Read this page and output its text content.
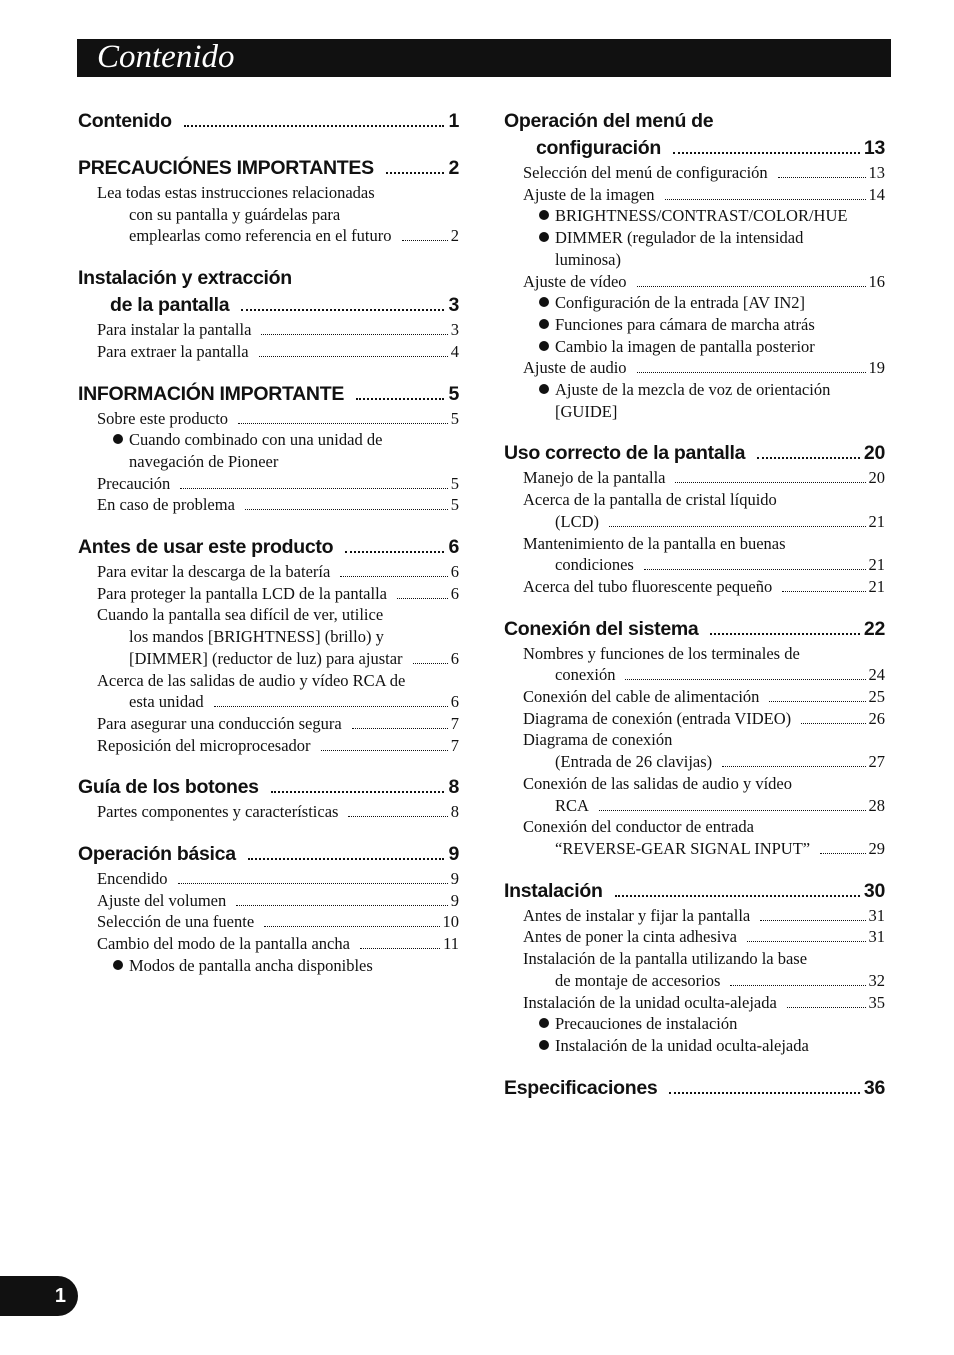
Contenido
Contenido	1
PRECAUCIÓNES IMPORTANTES	2
Lea todas estas instrucciones relacionadas
con su pantalla y guárdelas para
emplearlas como referencia en el futuro	2
Instalación y extracción
de la pantalla	3
Para instalar la pantalla	3
Para extraer la pantalla	4
INFORMACIÓN IMPORTANTE	5
Sobre este producto	5
Cuando combinado con una unidad de
navegación de Pioneer
Precaución	5
En caso de problema	5
Antes de usar este producto	6
Para evitar la descarga de la batería	6
Para proteger la pantalla LCD de la pantalla	6
Cuando la pantalla sea difícil de ver, utilice
los mandos [BRIGHTNESS] (brillo) y
[DIMMER] (reductor de luz) para ajustar	6
Acerca de las salidas de audio y vídeo RCA de
esta unidad	6
Para asegurar una conducción segura	7
Reposición del microprocesador	7
Guía de los botones	8
Partes componentes y características	8
Operación básica	9
Encendido	9
Ajuste del volumen	9
Selección de una fuente	10
Cambio del modo de la pantalla ancha	11
Modos de pantalla ancha disponibles
Operación del menú de
configuración	13
Selección del menú de configuración	13
Ajuste de la imagen	14
BRIGHTNESS/CONTRAST/COLOR/HUE
DIMMER (regulador de la intensidad
luminosa)
Ajuste de vídeo	16
Configuración de la entrada [AV IN2]
Funciones para cámara de marcha atrás
Cambio la imagen de pantalla posterior
Ajuste de audio	19
Ajuste de la mezcla de voz de orientación
[GUIDE]
Uso correcto de la pantalla	20
Manejo de la pantalla	20
Acerca de la pantalla de cristal líquido
(LCD)	21
Mantenimiento de la pantalla en buenas
condiciones	21
Acerca del tubo fluorescente pequeño	21
Conexión del sistema	22
Nombres y funciones de los terminales de
conexión	24
Conexión del cable de alimentación	25
Diagrama de conexión (entrada VIDEO)	26
Diagrama de conexión
(Entrada de 26 clavijas)	27
Conexión de las salidas de audio y vídeo
RCA	28
Conexión del conductor de entrada
“REVERSE-GEAR SIGNAL INPUT”	29
Instalación	30
Antes de instalar y fijar la pantalla	31
Antes de poner la cinta adhesiva	31
Instalación de la pantalla utilizando la base
de montaje de accesorios	32
Instalación de la unidad oculta-alejada	35
Precauciones de instalación
Instalación de la unidad oculta-alejada
Especificaciones	36
1
